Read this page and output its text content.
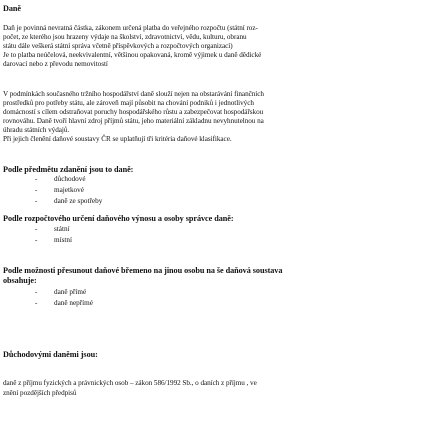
Daně
Daň je povinná nevratná částka, zákonem určená platba do veřejného rozpočtu (státní roz-
počet, ze kterého jsou hrazeny výdaje na školství, zdravotnictví, vědu, kulturu, obranu
státu dále veškerá státní správa včetně příspěvkových a rozpočtových organizací)
Je to platba neúčelová, neekvivalentní, většinou opakovaná, kromě výjimek u daně dědické
darovací nebo z převodu nemovitostí
V podmínkách současného tržního hospodářství daně slouží nejen na obstarávání finančních
prostředků pro potřeby státu, ale zároveň mají působit na chování podniků i jednotlivých
domácností s cílem odstraňovat poruchy hospodářského růstu a zabezpečovat hospodářskou
rovnováhu. Daně tvoří hlavní zdroj příjmů státu, jeho materiální základnu nevyhnutelnou na
úhradu státních výdajů.
Při jejich členění daňové soustavy ČR se uplatňují tři kritéria daňové klasifikace.
Podle předmětu zdanění jsou to daně:
- důchodové
- majetkové
- daně ze spotřeby
Podle rozpočtového určení daňového výnosu a osoby správce daně:
- státní
- místní
Podle možnosti přesunout daňové břemeno na jinou osobu na še daňová soustava
obsahuje:
- daně přímé
- daně nepřímé
Důchodovými daněmi jsou:
daně z příjmu fyzických a právnických osob – zákon 586/1992 Sb., o daních z příjmu , ve
znění pozdějších předpisů
